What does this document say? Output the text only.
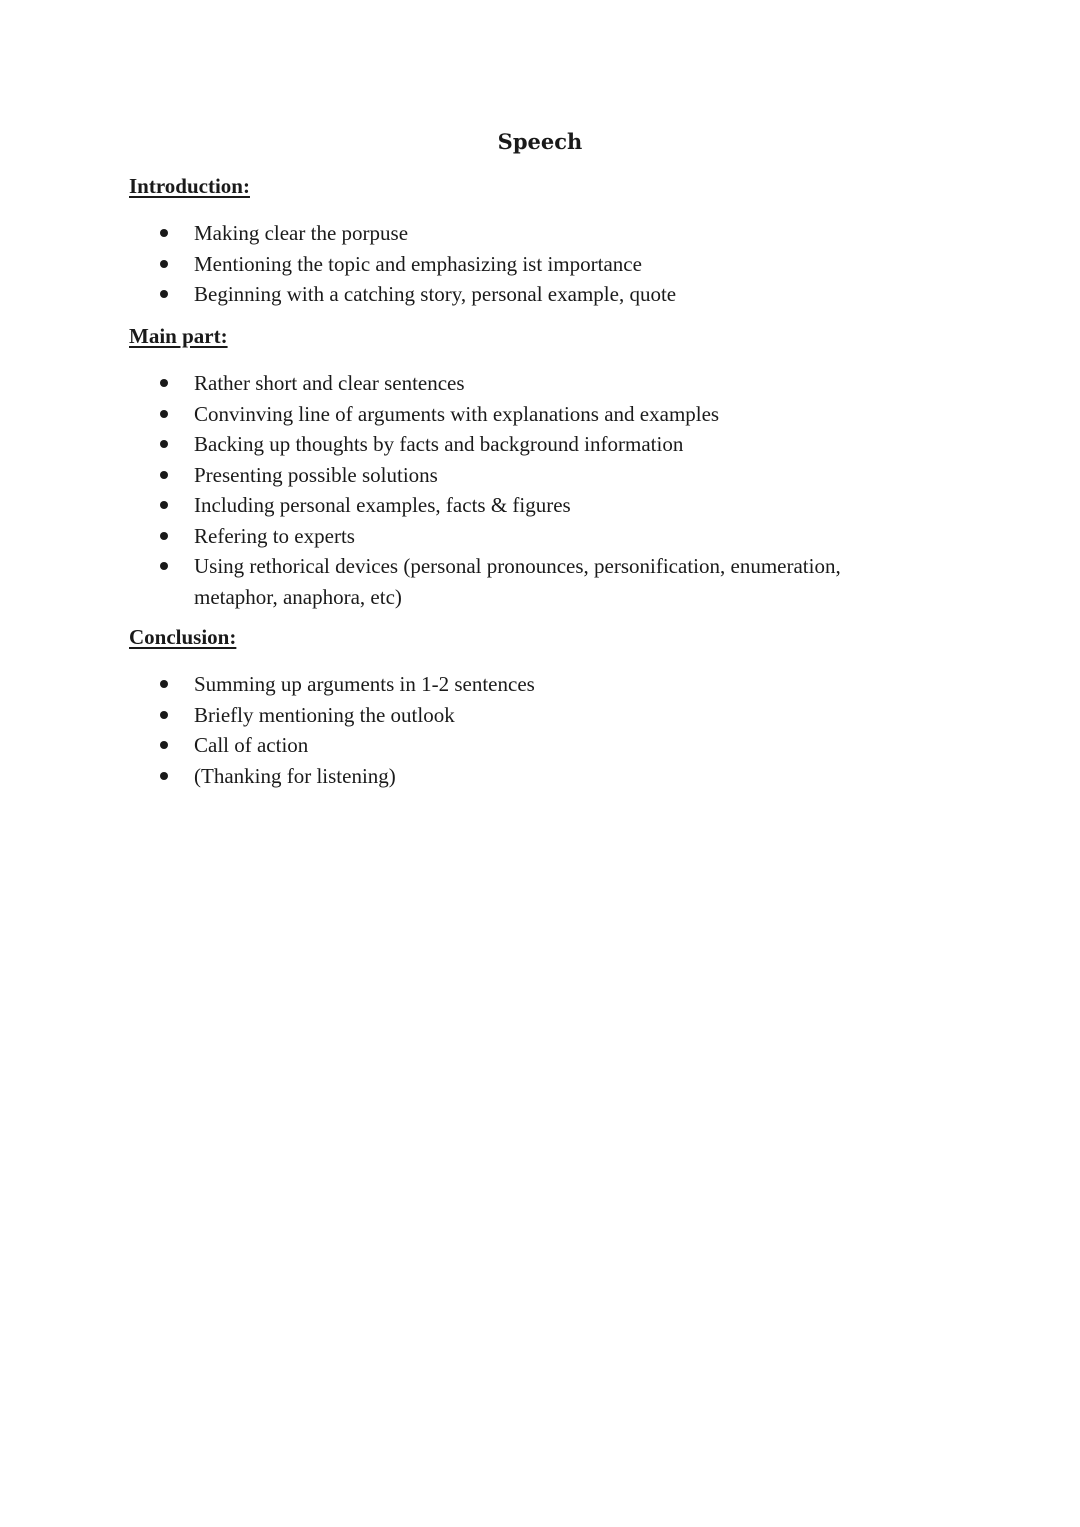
Speech
Introduction:
Making clear the porpuse
Mentioning the topic and emphasizing ist importance
Beginning with a catching story, personal example, quote
Main part:
Rather short and clear sentences
Convinving line of arguments with explanations and examples
Backing up thoughts by facts and background information
Presenting possible solutions
Including personal examples, facts & figures
Refering to experts
Using rethorical devices (personal pronounces, personification, enumeration, metaphor, anaphora, etc)
Conclusion:
Summing up arguments in 1-2 sentences
Briefly mentioning the outlook
Call of action
(Thanking for listening)
